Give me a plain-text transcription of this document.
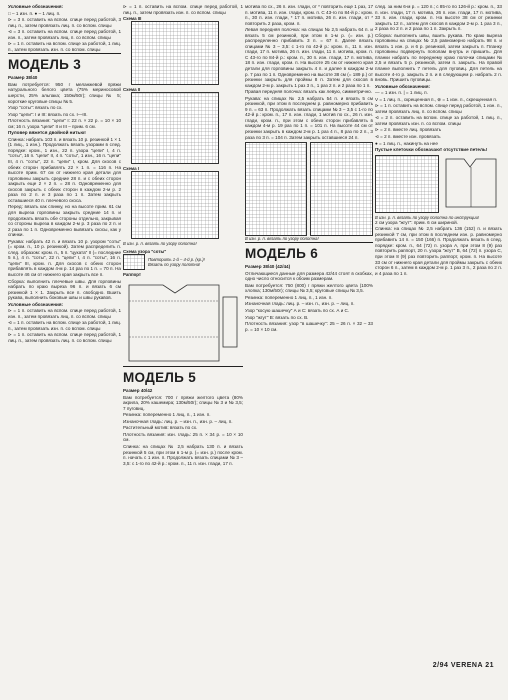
Условные обозначения:

□ – 1 изн. п. ● – 1 лиц. п.

⊳ = 3 п. оставить на вспом. спице перед работой, 3 лиц. п., затем провязать лиц. п. со вспом. спицы

⊲ = 3 п. оставить на вспом. спице перед работой, 1 изн. п., затем провязать лиц. п. со вспом. спицы

⊳ = 1 п. оставить на вспом. спице за работой, 1 лиц. п., затем провязать изн. п. со вспом. спицы

МОДЕЛЬ 3

Размер 38/40

Вам потребуется: 950 г меланжевой пряжи натурального белого цвета (75% мериносовой шерсти, 25% альпака; 150м/50г); спицы № 5; короткие круговые спицы № 5.

Узор "соты": вязать по сх.

Узор "цепи": I и III: вязать по сх. I—III.

Плотность вязания: "цепи" I: 22 п. × 22 р. = 10 × 10 см; 16 п. узора "цепи" II и III – прим. 6 см.

Пуловер вяжется двойной нитью!

Спинка: набрать 103 п. и вязать 10 р. резинкой 1 × 1 (1 лиц., 1 изн.). Продолжать вязать узорами в след. порядке: кром., 1 изн., 22 п. узора "цепи" I, 4 п. "соты", 16 п. "цепи" II, 4 п. "соты", 1 изн., 16 п. "цепи" III, 4 п. "соты", 22 п. "цепи" I, кром. Для скосов с обеих сторон прибавлять 22 × 1 п. = 116 п. На высоте прим. 67 см от нижнего края детали для горловины закрыть средние 28 п. и с обеих сторон закрыть еще 2 × 2 п. = 28 п. Одновременно для скосов закрыть с обеих сторон в каждом 2-м р. 2 раза по 2 п. и 3 раза по 1 п. Затем закрыть оставшиеся 40 п. плечевого скоса.

Перед: вязать как спинку, но на высоте прим. 61 см для выреза горловины закрыть средние 14 п. и продолжать вязать обе стороны отдельно, закрывая со стороны выреза в каждом 2-м р. 3 раза по 2 п. и 2 раза по 1 п. Одновременно вывязать скосы, как у спинки.

Рукава: набрать 42 п. и вязать 10 р. узором "соты" (= кром. п., 10 р. резинкой). Затем распределить п. след. образом: кром. п., 5 п. "цуката" II (= последние 5 п.), 4 п. "соты", 22 п. "цепи" I, 4 п. "соты", 16 п. "цепи" III, кром. п. Для скосов с обеих сторон прибавлять в каждом 4-м р. 14 раз по 1 п. = 70 п. На высоте 46 см от нижнего края закрыть все п.

Сборка: выполнить плечевые швы. Для горловины набрать по краю выреза 96 п. и вязать 6 см резинкой 1 × 1. Закрыть все п. свободно. Вшить рукава, выполнить боковые швы и швы рукавов.

Условные обозначения:

⊳ = 1 п. оставить на вспом. спице перед работой, 1 изн. п., затем провязать лиц. п. со вспом. спицы

⊲ = 1 п. оставить на вспом. спице за работой, 1 лиц. п., затем провязать изн. п. со вспом. спицы

⊳ = 1 п. оставить на вспом. спице перед работой, 1 лиц. п., затем провязать лиц. п. со вспом. спицы

⊳ = 1 п. оставить на вспом. спице перед работой, 1 лиц. п., затем провязать изн. п. со вспом. спицы

Схема III
Схема II
Схема I
В изн. р. п. вязать по узору полотна!
Схема узора "соты"
Повторить 1-й – 4-й р. (кр.)!
Вязать по узору полотна!
Раппорт
МОДЕЛЬ 5

Размер 40/42

Вам потребуется: 700 г пряжи желтого цвета (80% акрила, 20% кашемира; 130м/50г); спицы № 3 и № 3,5; 7 пуговиц.

Резинка: попеременно 1 лиц. п., 1 изн. п.

Изнаночная гладь: лиц. р. – изн. п., изн. р. – лиц. п.

Растительный мотив: вязать по сх.

Плотность вязания: изн. гладь: 25 п. × 34 р. = 10 × 10 см.

Спинка: на спицах № 2,5 набрать 130 п. и вязать резинкой 5 см, при этом в 1-м р. (= изн. р.) после кром. п. начать с 1 изн. п. Продолжать вязать спицами № 3 – 3,5: с 1-го по 42-й р.: кром. п., 11 п. изн. глади, 17 п.

мотива по сх., 26 п. изн. глади, от * повторить еще 1 раз, 17 п. мотива, 11 п. изн. глади, кром. п. С 43-го по 84-й р.: кром. п., 30 п. изн. глади, * 17 п. мотива, 26 п. изн. глади, от * повторить 2 раза, кром. п.

Левая передняя полочка: на спицах № 2,5 набрать 64 п. и вязать 5 см резинкой, при этом в 1-м р. (= изн. р.) распределенно прибавить 3 п. = 67 п. Далее вязать спицами № 3 – 3,5: с 1-го по 42-й р.: кром. п., 11 п. изн. глади, 17 п. мотива, 26 п. изн. глади, 11 п. мотива, кром. п. С 43-го по 84-й р.: кром. п., 30 п. изн. глади, 17 п. мотива, 18 п. изн. глади, кром. п. На высоте 25 см от нижнего края детали для горловины закрыть 4 п. и далее в каждом 2-м р. 7 раз по 1 п. Одновременно на высоте 38 см (= 189 р.) от резинки закрыть для проймы 8 п. Затем для скосов в каждом 2-м р. закрыть 1 раз 3 п., 1 раз 2 п. и 2 раза по 1 п.

Правая передняя полочка: вязать как левую, симметрично.

Рукава: на спицах № 2,5 набрать 54 п. и вязать 5 см резинкой, при этом в последнем р. равномерно прибавить 9 п. = 63 п. Продолжать вязать спицами № 3 – 3,5 с 1-го по 42-й р.: кром. п., 17 п. изн. глади, 1 мотив по сх., 26 п. изн. глади, кром. п., при этом с обеих сторон прибавлять в каждом 4-м р. 19 раз по 1 п. = 101 п. На высоте 44 см от резинки закрыть в каждом 2-м р. 1 раз 4 п., 8 раз по 2 п., 3 раза по 3 п. = 104 п. Затем закрыть оставшиеся 24 п.

В изн. р. п. вязать по узору полотна!
МОДЕЛЬ 6

Размер 38/40 (42/44)

Отличающиеся данные для размера 42/44 стоят в скобках, одно число относится к обоим размерам.

Вам потребуется: 750 (800) г пряжи желтого цвета (100% хлопка; 130м/50г); спицы № 3,5; круговые спицы № 3,5.

Резинка: попеременно 1 лиц. п., 1 изн. п.

Изнаночная гладь: лиц. р. – изн. п., изн. р. – лиц. п.

Узор "косую шашечку" А и С: вязать по сх. А и С.

Узор "жгут" В: вязать по сх. В.

Плотность вязания: узор "в шашечку": 25 – 26 п. × 32 – 33 р. = 10 × 10 см.

след. за ним 6-м р. = 120 п.; с 85-го по 126-й р.: кром. п., 33 п. изн. глади, 17 п. мотива, 26 п. изн. глади, 17 п. мотива, 33 п. изн. глади, кром. п. На высоте 38 см от резинки закрыть 12 п., затем для скосов в каждом 2-м р. 1 раз 3 п., 2 раза по 2 п. и 2 раза по 1 п. Закрыть п.

Сборка: выполнить швы, вшить рукава. По краю выреза горловины на спицах № 2,5 равномерно набрать 98 п. и вязать 1 изн. р. и 6 р. резинкой, затем закрыть п. Планку горловины подвернуть пополам внутрь и пришить. Для планки набрать по переднему краю полочки спицами № 2,5 и вязать 5 р. резинкой, затем п. закрыть. На правой планке выполнить 7 петель для пуговиц. Для петель на высоте 4-го р. закрыть 2 п. и в следующем р. набрать 2 п. вновь. Пришить пуговицы.

Условные обозначения:

— = 1 изн. п. | = 1 лиц. п.

V = 1 лиц. п., скрещенная п., ⊗ = 1 изн. п., скрещенная п.

⊳ = 1 п. оставить на вспом. спице перед работой, 1 изн. п., затем провязать лиц. п. со вспом. спицы

⊲ = 2 п. оставить на вспом. спице за работой, 1 лиц. п., затем провязать изн. п. со вспом. спицы

⊳ = 2 п. вместе лиц. провязать

⊲ = 2 п. вместе изн. провязать

● = 1 лиц. п., накинуть на нее

Пустые клеточки обозначают отсутствие петель!

В изн. р. п. вязать по узору полотна по инструкции!

2 см узора "жгут": прим. 6 см шириной.

Спинка: на спицах № 2,5 набрать 136 (152) п. и вязать резинкой 7 см, при этом в последнем изн. р. равномерно прибавить 14 п. = 150 (166) п. Продолжать вязать в след. порядке: кром. п., 64 (72) п. узора А, при этом 8 (9) раз повторить раппорт, 20 п. узора "жгут" В, 64 (72) п. узора С, при этом 8 (9) раз повторить раппорт, кром. п. На высоте 33 см от нижнего края детали для проймы закрыть с обеих сторон 6 п., затем в каждом 2-м р. 1 раз 3 п., 2 раза по 2 п. и 4 раза по 1 п.

2/94 VERENA 21
